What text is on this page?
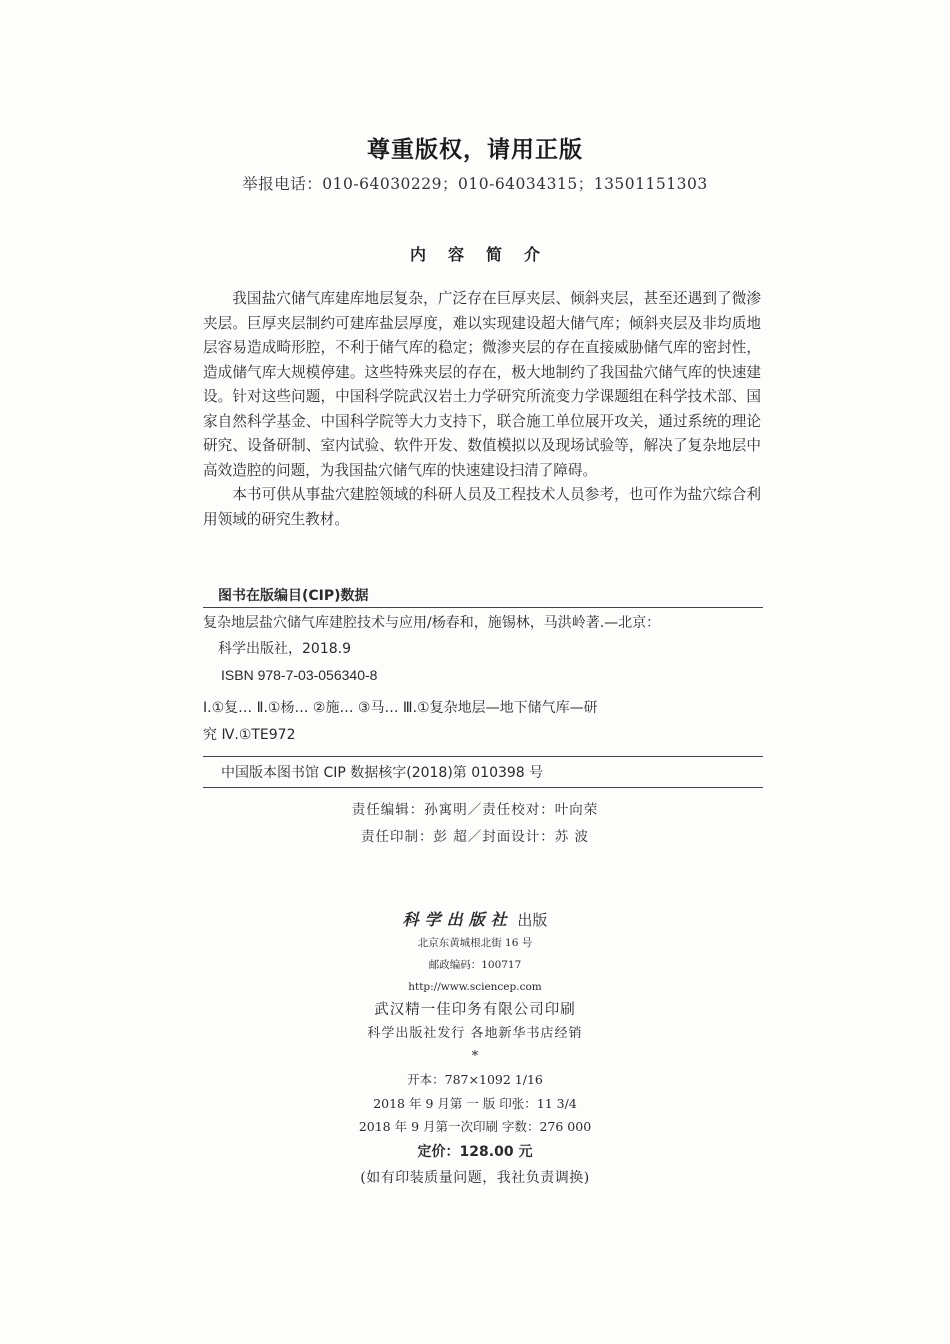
尊重版权，请用正版
举报电话：010-64030229；010-64034315；13501151303
内容简介

我国盐穴储气库建库地层复杂，广泛存在巨厚夹层、倾斜夹层，甚至还遇到了微渗夹层。巨厚夹层制约可建库盐层厚度，难以实现建设超大储气库；倾斜夹层及非均质地层容易造成畸形腔，不利于储气库的稳定；微渗夹层的存在直接威胁储气库的密封性，造成储气库大规模停建。这些特殊夹层的存在，极大地制约了我国盐穴储气库的快速建设。针对这些问题，中国科学院武汉岩土力学研究所流变力学课题组在科学技术部、国家自然科学基金、中国科学院等大力支持下，联合施工单位展开攻关，通过系统的理论研究、设备研制、室内试验、软件开发、数值模拟以及现场试验等，解决了复杂地层中高效造腔的问题，为我国盐穴储气库的快速建设扫清了障碍。

本书可供从事盐穴建腔领域的科研人员及工程技术人员参考，也可作为盐穴综合利用领域的研究生教材。

图书在版编目(CIP)数据
复杂地层盐穴储气库建腔技术与应用/杨春和，施锡林，马洪岭著.—北京：
科学出版社，2018.9
ISBN 978-7-03-056340-8
Ⅰ.①复… Ⅱ.①杨… ②施… ③马… Ⅲ.①复杂地层—地下储气库—研
究 Ⅳ.①TE972
中国版本图书馆 CIP 数据核字(2018)第 010398 号
责任编辑：孙寓明／责任校对：叶向荣
责任印制：彭 超／封面设计：苏 波
科学出版社 出版
北京东黄城根北街 16 号
邮政编码：100717
http://www.sciencep.com
武汉精一佳印务有限公司印刷
科学出版社发行 各地新华书店经销
*
开本：787×1092 1/16
2018 年 9 月第 一 版 印张：11 3/4
2018 年 9 月第一次印刷 字数：276 000
定价：128.00 元
(如有印装质量问题，我社负责调换)
